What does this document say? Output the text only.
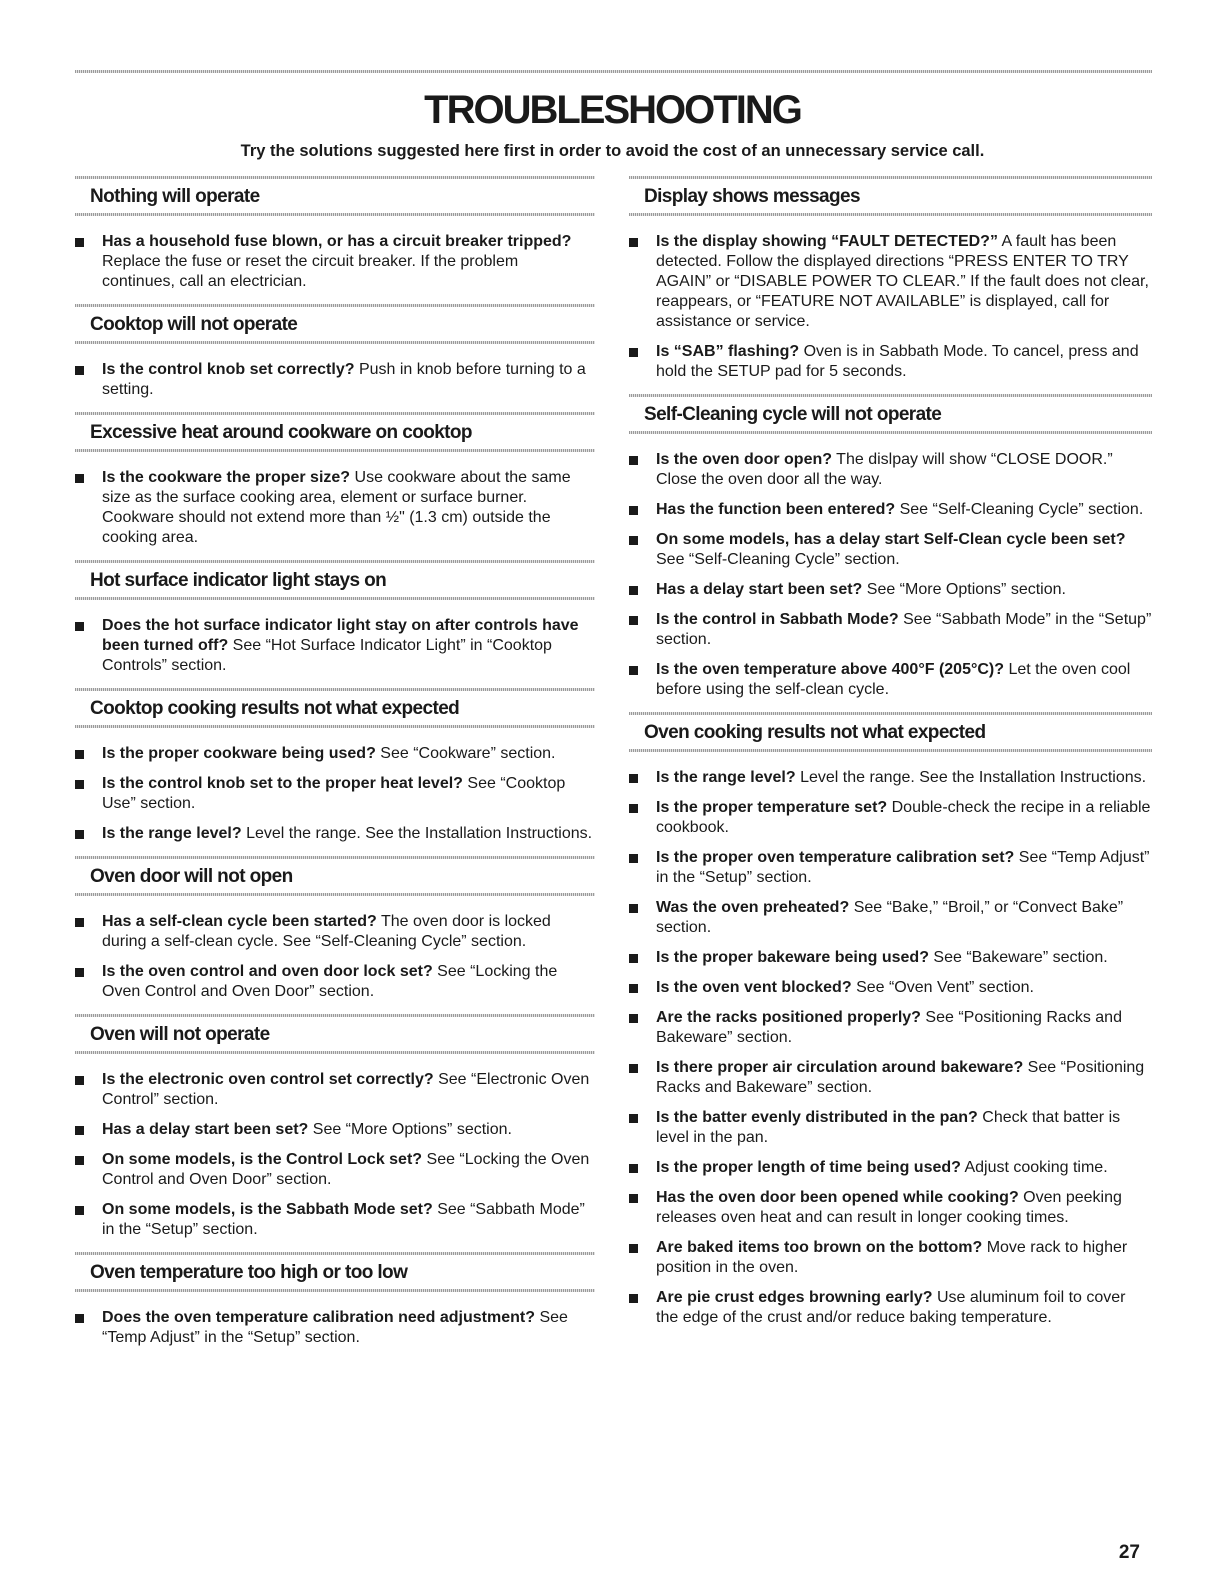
TROUBLESHOOTING

Try the solutions suggested here first in order to avoid the cost of an unnecessary service call.

Nothing will operate
Has a household fuse blown, or has a circuit breaker tripped? Replace the fuse or reset the circuit breaker. If the problem continues, call an electrician.
Cooktop will not operate
Is the control knob set correctly? Push in knob before turning to a setting.
Excessive heat around cookware on cooktop
Is the cookware the proper size? Use cookware about the same size as the surface cooking area, element or surface burner. Cookware should not extend more than ½" (1.3 cm) outside the cooking area.
Hot surface indicator light stays on
Does the hot surface indicator light stay on after controls have been turned off? See “Hot Surface Indicator Light” in “Cooktop Controls” section.
Cooktop cooking results not what expected
Is the proper cookware being used? See “Cookware” section.
Is the control knob set to the proper heat level? See “Cooktop Use” section.
Is the range level? Level the range. See the Installation Instructions.
Oven door will not open
Has a self-clean cycle been started? The oven door is locked during a self-clean cycle. See “Self-Cleaning Cycle” section.
Is the oven control and oven door lock set? See “Locking the Oven Control and Oven Door” section.
Oven will not operate
Is the electronic oven control set correctly? See “Electronic Oven Control” section.
Has a delay start been set? See “More Options” section.
On some models, is the Control Lock set? See “Locking the Oven Control and Oven Door” section.
On some models, is the Sabbath Mode set? See “Sabbath Mode” in the “Setup” section.
Oven temperature too high or too low
Does the oven temperature calibration need adjustment? See “Temp Adjust” in the “Setup” section.
Display shows messages
Is the display showing “FAULT DETECTED?” A fault has been detected. Follow the displayed directions “PRESS ENTER TO TRY AGAIN” or “DISABLE POWER TO CLEAR.” If the fault does not clear, reappears, or “FEATURE NOT AVAILABLE” is displayed, call for assistance or service.
Is “SAB” flashing? Oven is in Sabbath Mode. To cancel, press and hold the SETUP pad for 5 seconds.
Self-Cleaning cycle will not operate
Is the oven door open? The dislpay will show “CLOSE DOOR.” Close the oven door all the way.
Has the function been entered? See “Self-Cleaning Cycle” section.
On some models, has a delay start Self-Clean cycle been set? See “Self-Cleaning Cycle” section.
Has a delay start been set? See “More Options” section.
Is the control in Sabbath Mode? See “Sabbath Mode” in the “Setup” section.
Is the oven temperature above 400°F (205°C)? Let the oven cool before using the self-clean cycle.
Oven cooking results not what expected
Is the range level? Level the range. See the Installation Instructions.
Is the proper temperature set? Double-check the recipe in a reliable cookbook.
Is the proper oven temperature calibration set? See “Temp Adjust” in the “Setup” section.
Was the oven preheated? See “Bake,” “Broil,” or “Convect Bake” section.
Is the proper bakeware being used? See “Bakeware” section.
Is the oven vent blocked? See “Oven Vent” section.
Are the racks positioned properly? See “Positioning Racks and Bakeware” section.
Is there proper air circulation around bakeware? See “Positioning Racks and Bakeware” section.
Is the batter evenly distributed in the pan? Check that batter is level in the pan.
Is the proper length of time being used? Adjust cooking time.
Has the oven door been opened while cooking? Oven peeking releases oven heat and can result in longer cooking times.
Are baked items too brown on the bottom? Move rack to higher position in the oven.
Are pie crust edges browning early? Use aluminum foil to cover the edge of the crust and/or reduce baking temperature.
27
